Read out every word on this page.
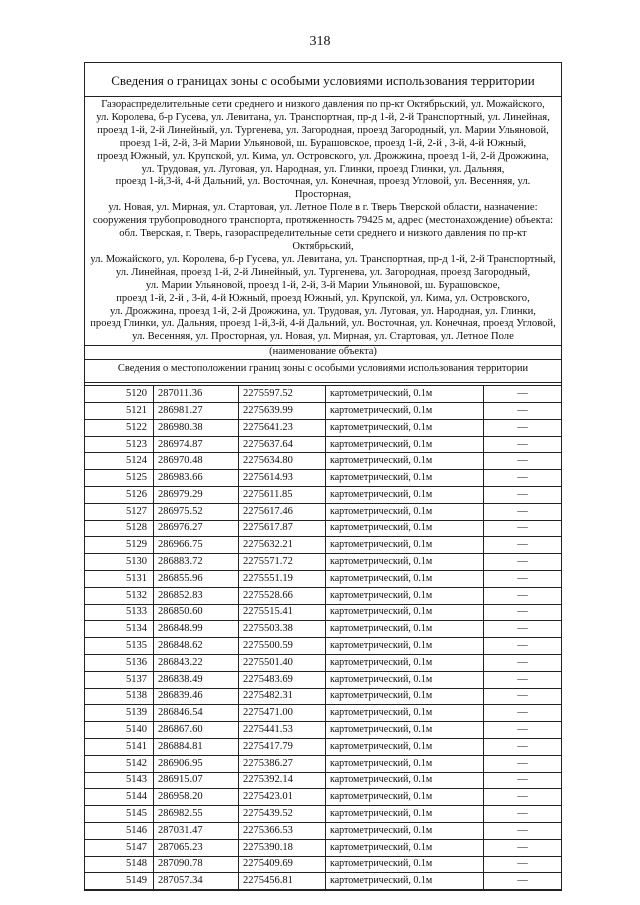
318
Сведения о границах зоны с особыми условиями использования территории
Газораспределительные сети среднего и низкого давления по пр-кт Октябрьский, ул. Можайского,
ул. Королева, б-р Гусева, ул. Левитана, ул. Транспортная, пр-д 1-й, 2-й Транспортный, ул. Линейная,
проезд 1-й, 2-й Линейный, ул. Тургенева, ул. Загородная, проезд Загородный, ул. Марии Ульяновой,
проезд 1-й, 2-й, 3-й Марии Ульяновой, ш. Бурашовское, проезд 1-й, 2-й , 3-й, 4-й Южный,
проезд Южный, ул. Крупской, ул. Кима, ул. Островского, ул. Дрожжина, проезд 1-й, 2-й Дрожжина,
ул. Трудовая, ул. Луговая, ул. Народная, ул. Глинки, проезд Глинки, ул. Дальняя,
проезд 1-й,3-й, 4-й Дальний, ул. Восточная, ул. Конечная, проезд Угловой, ул. Весенняя, ул. Просторная,
ул. Новая, ул. Мирная, ул. Стартовая, ул. Летное Поле в г. Тверь Тверской области, назначение:
сооружения трубопроводного транспорта, протяженность 79425 м, адрес (местонахождение) объекта:
обл. Тверская, г. Тверь, газораспределительные сети среднего и низкого давления по пр-кт Октябрьский,
ул. Можайского, ул. Королева, б-р Гусева, ул. Левитана, ул. Транспортная, пр-д 1-й, 2-й Транспортный,
ул. Линейная, проезд 1-й, 2-й Линейный, ул. Тургенева, ул. Загородная, проезд Загородный,
ул. Марии Ульяновой, проезд 1-й, 2-й, 3-й Марии Ульяновой, ш. Бурашовское,
проезд 1-й, 2-й , 3-й, 4-й Южный, проезд Южный, ул. Крупской, ул. Кима, ул. Островского,
ул. Дрожжина, проезд 1-й, 2-й Дрожжина, ул. Трудовая, ул. Луговая, ул. Народная, ул. Глинки,
проезд Глинки, ул. Дальняя, проезд 1-й,3-й, 4-й Дальний, ул. Восточная, ул. Конечная, проезд Угловой,
ул. Весенняя, ул. Просторная, ул. Новая, ул. Мирная, ул. Стартовая, ул. Летное Поле
(наименование объекта)
Сведения о местоположении границ зоны с особыми условиями использования территории
5120	287011.36	2275597.52	картометрический, 0.1м	—
5121	286981.27	2275639.99	картометрический, 0.1м	—
5122	286980.38	2275641.23	картометрический, 0.1м	—
5123	286974.87	2275637.64	картометрический, 0.1м	—
5124	286970.48	2275634.80	картометрический, 0.1м	—
5125	286983.66	2275614.93	картометрический, 0.1м	—
5126	286979.29	2275611.85	картометрический, 0.1м	—
5127	286975.52	2275617.46	картометрический, 0.1м	—
5128	286976.27	2275617.87	картометрический, 0.1м	—
5129	286966.75	2275632.21	картометрический, 0.1м	—
5130	286883.72	2275571.72	картометрический, 0.1м	—
5131	286855.96	2275551.19	картометрический, 0.1м	—
5132	286852.83	2275528.66	картометрический, 0.1м	—
5133	286850.60	2275515.41	картометрический, 0.1м	—
5134	286848.99	2275503.38	картометрический, 0.1м	—
5135	286848.62	2275500.59	картометрический, 0.1м	—
5136	286843.22	2275501.40	картометрический, 0.1м	—
5137	286838.49	2275483.69	картометрический, 0.1м	—
5138	286839.46	2275482.31	картометрический, 0.1м	—
5139	286846.54	2275471.00	картометрический, 0.1м	—
5140	286867.60	2275441.53	картометрический, 0.1м	—
5141	286884.81	2275417.79	картометрический, 0.1м	—
5142	286906.95	2275386.27	картометрический, 0.1м	—
5143	286915.07	2275392.14	картометрический, 0.1м	—
5144	286958.20	2275423.01	картометрический, 0.1м	—
5145	286982.55	2275439.52	картометрический, 0.1м	—
5146	287031.47	2275366.53	картометрический, 0.1м	—
5147	287065.23	2275390.18	картометрический, 0.1м	—
5148	287090.78	2275409.69	картометрический, 0.1м	—
5149	287057.34	2275456.81	картометрический, 0.1м	—
